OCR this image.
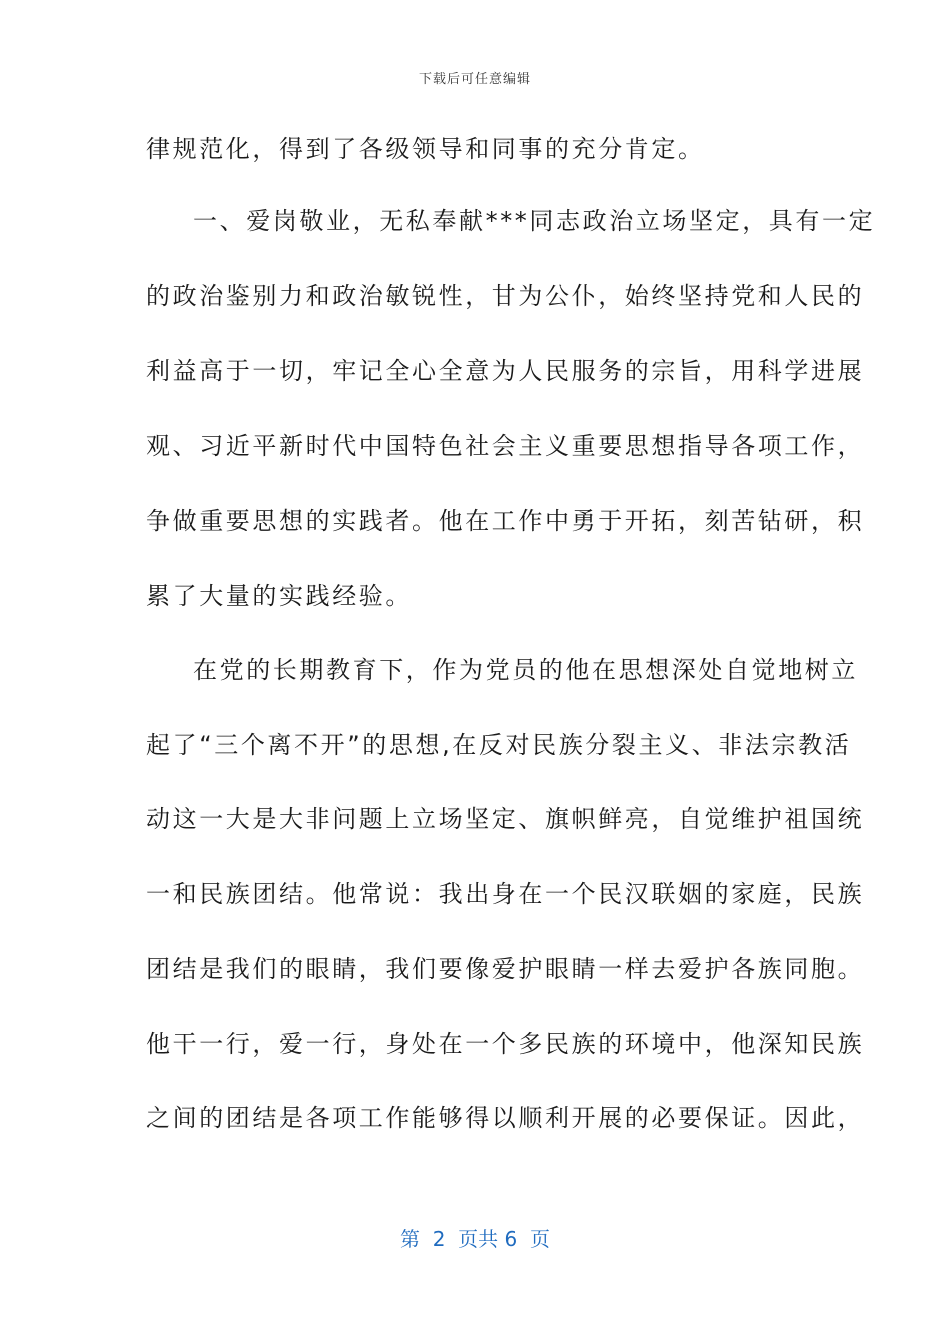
下载后可任意编辑
律规范化，得到了各级领导和同事的充分肯定。
一、爱岗敬业，无私奉献***同志政治立场坚定，具有一定
的政治鉴别力和政治敏锐性，甘为公仆，始终坚持党和人民的
利益高于一切，牢记全心全意为人民服务的宗旨，用科学进展
观、习近平新时代中国特色社会主义重要思想指导各项工作，
争做重要思想的实践者。他在工作中勇于开拓，刻苦钻研，积
累了大量的实践经验。
在党的长期教育下，作为党员的他在思想深处自觉地树立
起了“三个离不开”的思想,在反对民族分裂主义、非法宗教活
动这一大是大非问题上立场坚定、旗帜鲜亮，自觉维护祖国统
一和民族团结。他常说：我出身在一个民汉联姻的家庭，民族
团结是我们的眼睛，我们要像爱护眼睛一样去爱护各族同胞。
他干一行，爱一行，身处在一个多民族的环境中，他深知民族
之间的团结是各项工作能够得以顺利开展的必要保证。因此，
第  2  页共 6  页
